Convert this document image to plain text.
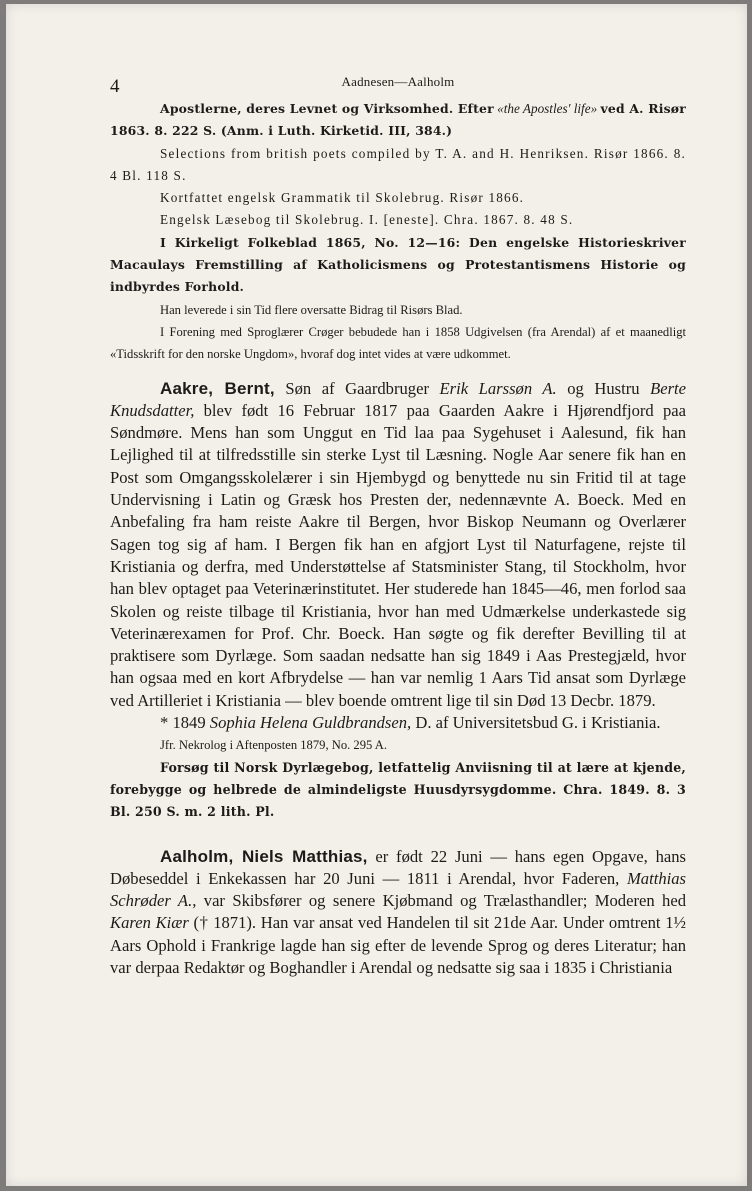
4	Aadnesen—Aalholm

Apostlerne, deres Levnet og Virksomhed. Efter «the Apostles' life» ved A. Risør 1863. 8. 222 S. (Anm. i Luth. Kirketid. III, 384.)

Selections from british poets compiled by T. A. and H. Henriksen. Risør 1866. 8. 4 Bl. 118 S.

Kortfattet engelsk Grammatik til Skolebrug. Risør 1866.

Engelsk Læsebog til Skolebrug. I. [eneste]. Chra. 1867. 8. 48 S.

I Kirkeligt Folkeblad 1865, No. 12—16: Den engelske Historieskriver Macaulays Fremstilling af Katholicismens og Protestantismens Historie og indbyrdes Forhold.

Han leverede i sin Tid flere oversatte Bidrag til Risørs Blad.

I Forening med Sproglærer Crøger bebudede han i 1858 Udgivelsen (fra Arendal) af et maanedligt «Tidsskrift for den norske Ungdom», hvoraf dog intet vides at være udkommet.

Aakre, Bernt, Søn af Gaardbruger Erik Larssøn A. og Hustru Berte Knudsdatter, blev født 16 Februar 1817 paa Gaarden Aakre i Hjørendfjord paa Søndmøre. Mens han som Unggut en Tid laa paa Sygehuset i Aalesund, fik han Lejlighed til at tilfredsstille sin sterke Lyst til Læsning. Nogle Aar senere fik han en Post som Omgangsskolelærer i sin Hjembygd og benyttede nu sin Fritid til at tage Undervisning i Latin og Græsk hos Presten der, nedennævnte A. Boeck. Med en Anbefaling fra ham reiste Aakre til Bergen, hvor Biskop Neumann og Overlærer Sagen tog sig af ham. I Bergen fik han en afgjort Lyst til Naturfagene, rejste til Kristiania og derfra, med Understøttelse af Statsminister Stang, til Stockholm, hvor han blev optaget paa Veterinærinstitutet. Her studerede han 1845—46, men forlod saa Skolen og reiste tilbage til Kristiania, hvor han med Udmærkelse underkastede sig Veterinærexamen for Prof. Chr. Boeck. Han søgte og fik derefter Bevilling til at praktisere som Dyrlæge. Som saadan nedsatte han sig 1849 i Aas Prestegjæld, hvor han ogsaa med en kort Afbrydelse — han var nemlig 1 Aars Tid ansat som Dyrlæge ved Artilleriet i Kristiania — blev boende omtrent lige til sin Død 13 Decbr. 1879.

* 1849 Sophia Helena Guldbrandsen, D. af Universitetsbud G. i Kristiania.

Jfr. Nekrolog i Aftenposten 1879, No. 295 A.

Forsøg til Norsk Dyrlægebog, letfattelig Anviisning til at lære at kjende, forebygge og helbrede de almindeligste Huusdyrsygdomme. Chra. 1849. 8. 3 Bl. 250 S. m. 2 lith. Pl.

Aalholm, Niels Matthias, er født 22 Juni — hans egen Opgave, hans Døbeseddel i Enkekassen har 20 Juni — 1811 i Arendal, hvor Faderen, Matthias Schrøder A., var Skibsfører og senere Kjøbmand og Trælasthandler; Moderen hed Karen Kiær († 1871). Han var ansat ved Handelen til sit 21de Aar. Under omtrent 1½ Aars Ophold i Frankrige lagde han sig efter de levende Sprog og deres Literatur; han var derpaa Redaktør og Boghandler i Arendal og nedsatte sig saa i 1835 i Christiania
